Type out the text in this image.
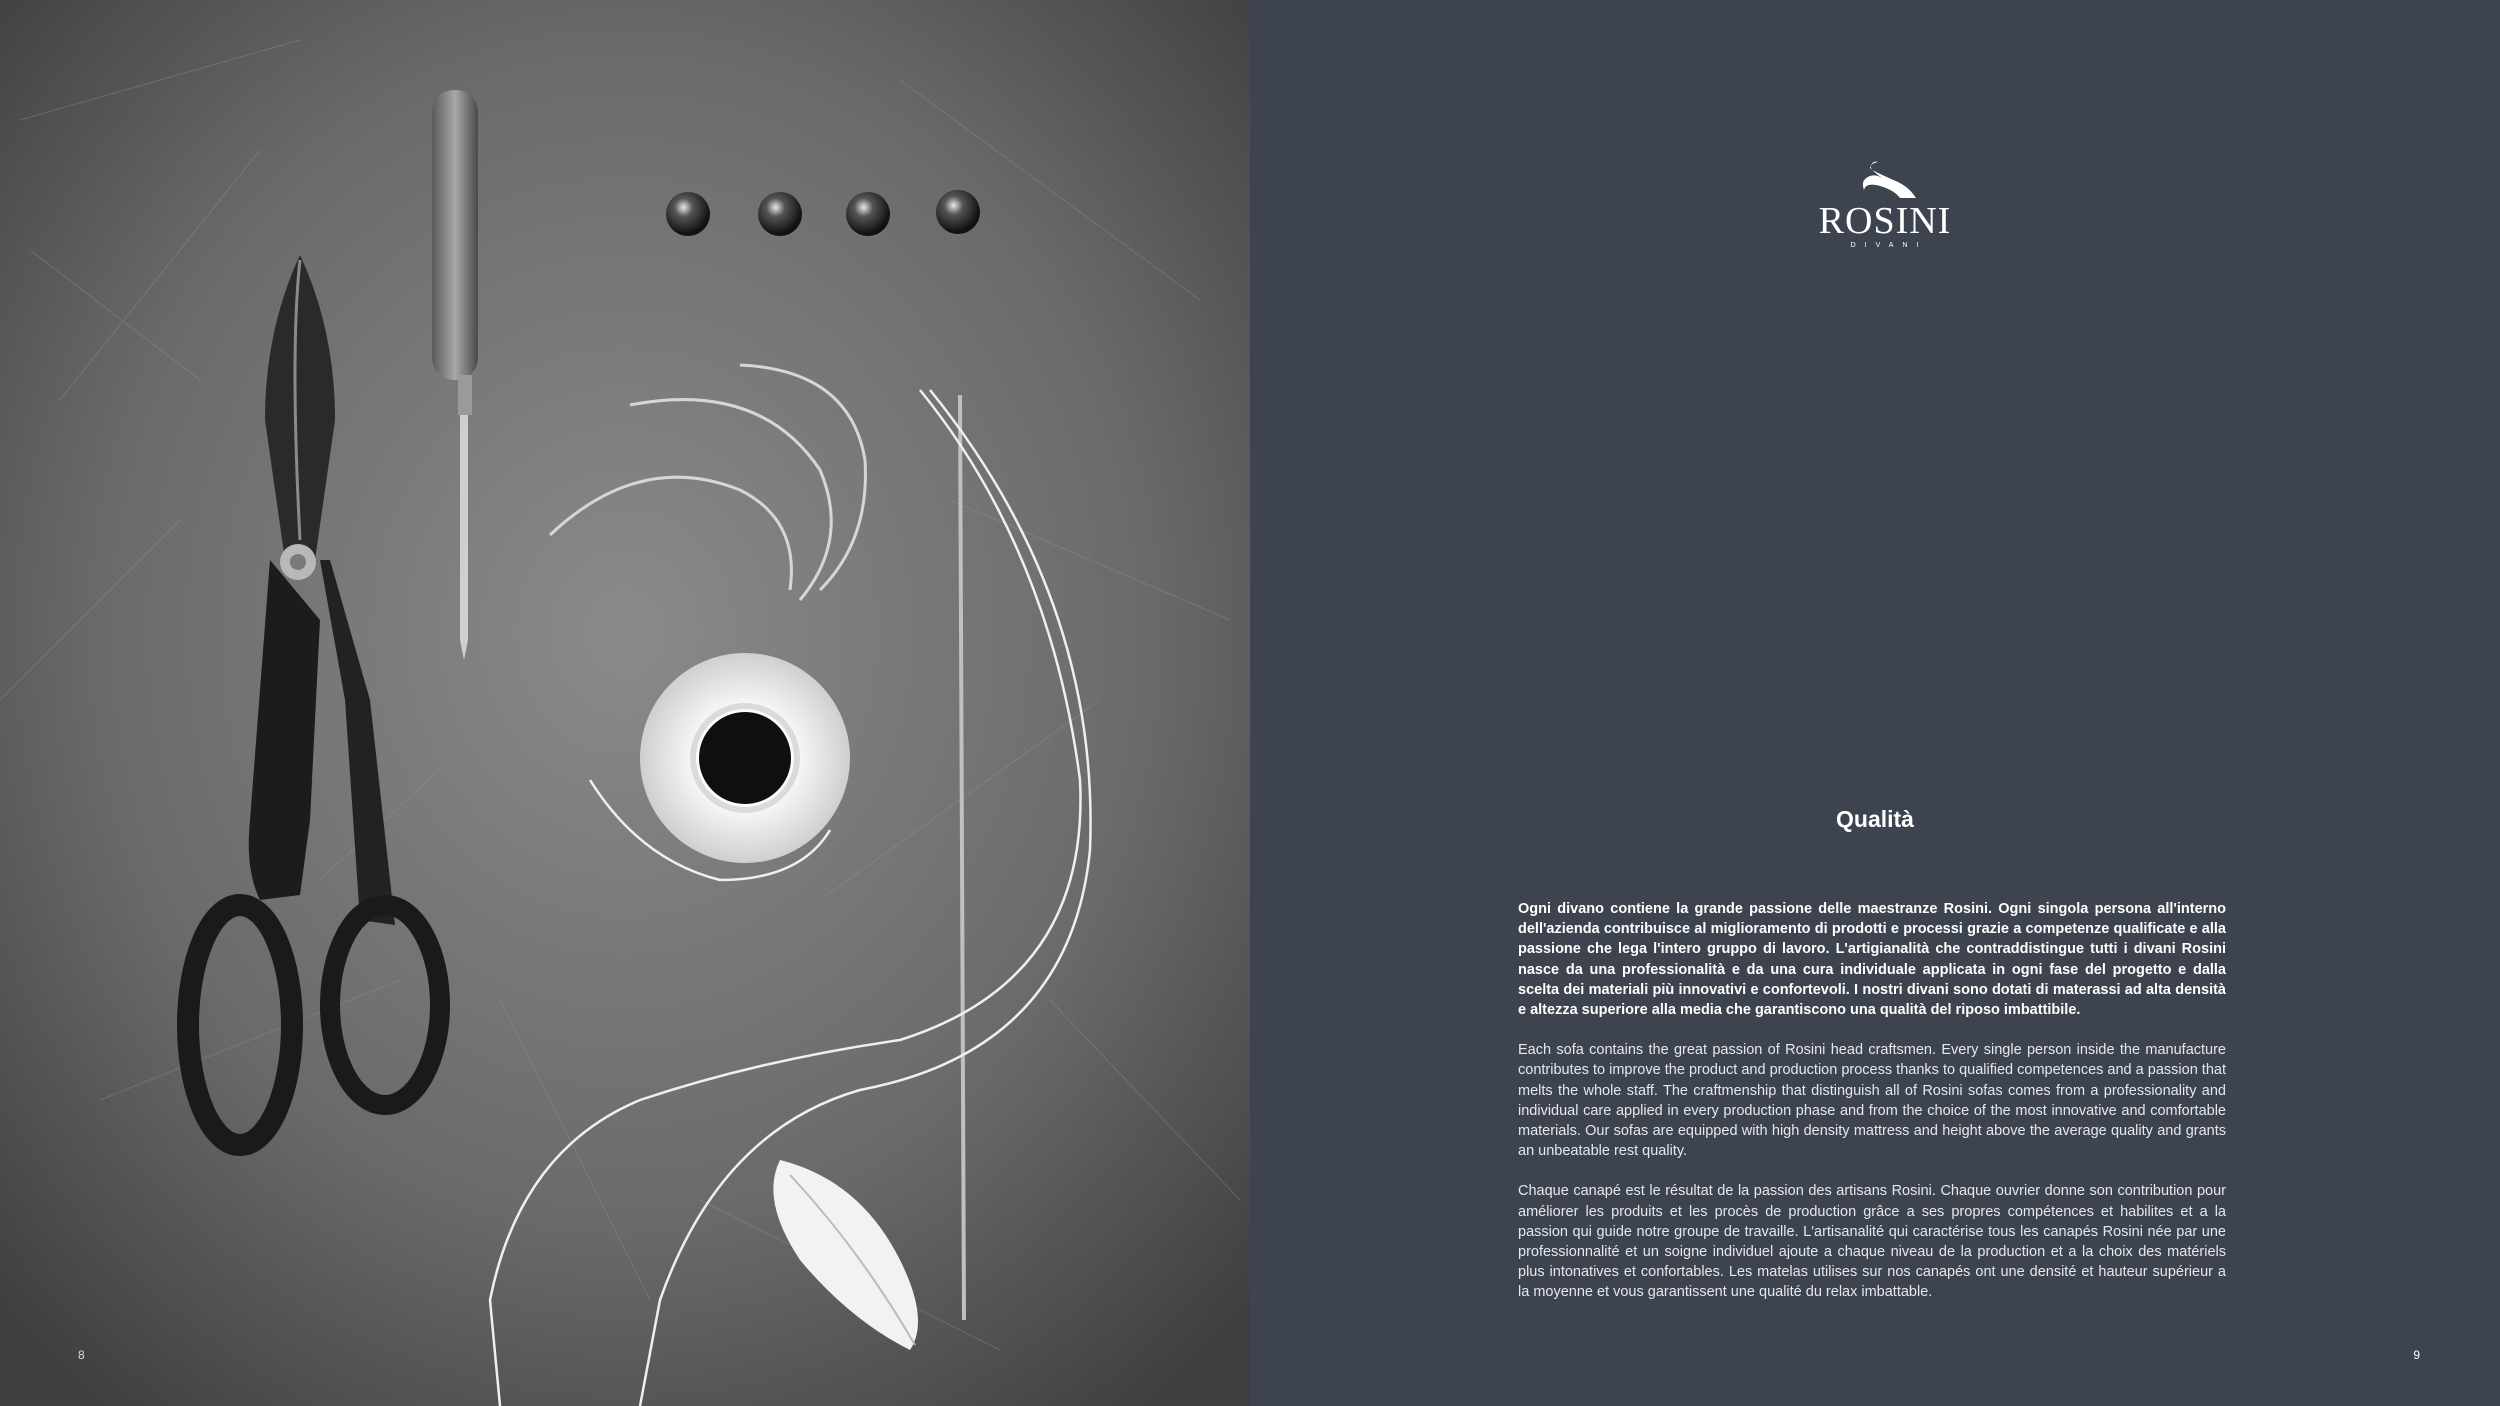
8
ROSINI
DIVANI
Qualità

Ogni divano contiene la grande passione delle maestranze Rosini. Ogni singola persona all'interno dell'azienda contribuisce al miglioramento di prodotti e processi grazie a competenze qualificate e alla passione che lega l'intero gruppo di lavoro. L'artigianalità che contraddistingue tutti i divani Rosini nasce da una professionalità e da una cura individuale applicata in ogni fase del progetto e dalla scelta dei materiali più innovativi e confortevoli. I nostri divani sono dotati di materassi ad alta densità e altezza superiore alla media che garantiscono una qualità del riposo imbattibile.

Each sofa contains the great passion of Rosini head craftsmen. Every single person inside the manufacture contributes to improve the product and production process thanks to qualified competences and a passion that melts the whole staff. The craftmenship that distinguish all of Rosini sofas comes from a professionality and individual care applied in every production phase and from the choice of the most innovative and comfortable materials. Our sofas are equipped with high density mattress and height above the average quality and grants an unbeatable rest quality.

Chaque canapé est le résultat de la passion des artisans Rosini. Chaque ouvrier donne son contribution pour améliorer les produits et les procès de production grâce a ses propres compétences et habilites et a la passion qui guide notre groupe de travaille. L'artisanalité qui caractérise tous les canapés Rosini née par une professionnalité et un soigne individuel ajoute a chaque niveau de la production et a la choix des matériels plus intonatives et confortables. Les matelas utilises sur nos canapés ont une densité et hauteur supérieur a la moyenne et vous garantissent une qualité du relax imbattable.

9
